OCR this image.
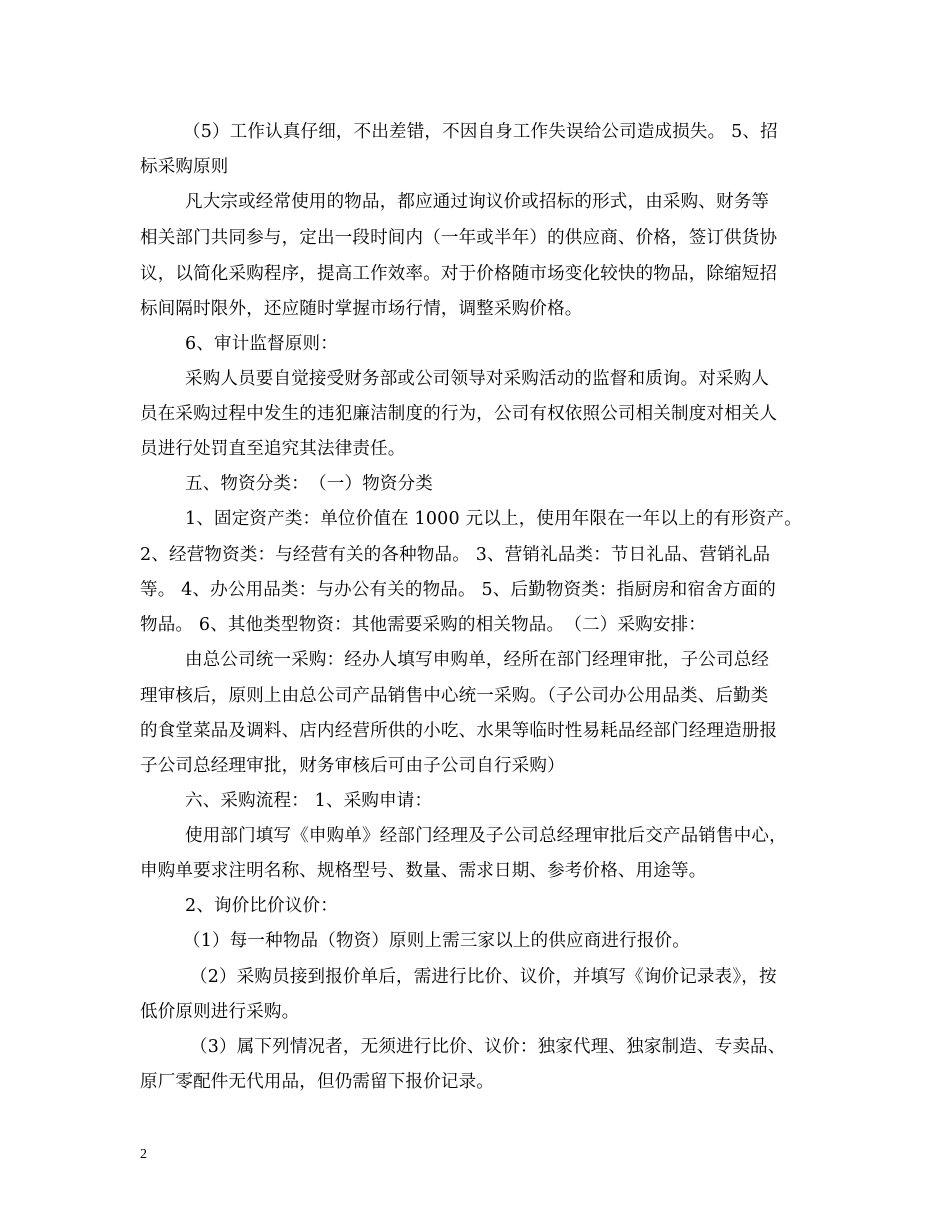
（5）工作认真仔细，不出差错，不因自身工作失误给公司造成损失。 5、招
标采购原则
凡大宗或经常使用的物品，都应通过询议价或招标的形式，由采购、财务等
相关部门共同参与，定出一段时间内（一年或半年）的供应商、价格，签订供货协
议，以简化采购程序，提高工作效率。对于价格随市场变化较快的物品，除缩短招
标间隔时限外，还应随时掌握市场行情，调整采购价格。
6、审计监督原则：
采购人员要自觉接受财务部或公司领导对采购活动的监督和质询。对采购人
员在采购过程中发生的违犯廉洁制度的行为，公司有权依照公司相关制度对相关人
员进行处罚直至追究其法律责任。
五、物资分类：　（一）物资分类
1、固定资产类：单位价值在 1000 元以上，使用年限在一年以上的有形资产。
2、经营物资类：与经营有关的各种物品。 3、营销礼品类：节日礼品、营销礼品
等。 4、办公用品类：与办公有关的物品。 5、后勤物资类：指厨房和宿舍方面的
物品。 6、其他类型物资：其他需要采购的相关物品。　（二）采购安排：
由总公司统一采购：经办人填写申购单，经所在部门经理审批，子公司总经
理审核后，原则上由总公司产品销售中心统一采购。（子公司办公用品类、后勤类
的食堂菜品及调料、店内经营所供的小吃、水果等临时性易耗品经部门经理造册报
子公司总经理审批，财务审核后可由子公司自行采购）
六、采购流程： 1、采购申请：
使用部门填写《申购单》经部门经理及子公司总经理审批后交产品销售中心，
申购单要求注明名称、规格型号、数量、需求日期、参考价格、用途等。
2、询价比价议价：
（1）每一种物品（物资）原则上需三家以上的供应商进行报价。
（2）采购员接到报价单后，需进行比价、议价，并填写《询价记录表》，按
低价原则进行采购。
（3）属下列情况者，无须进行比价、议价：独家代理、独家制造、专卖品、
原厂零配件无代用品，但仍需留下报价记录。
2
